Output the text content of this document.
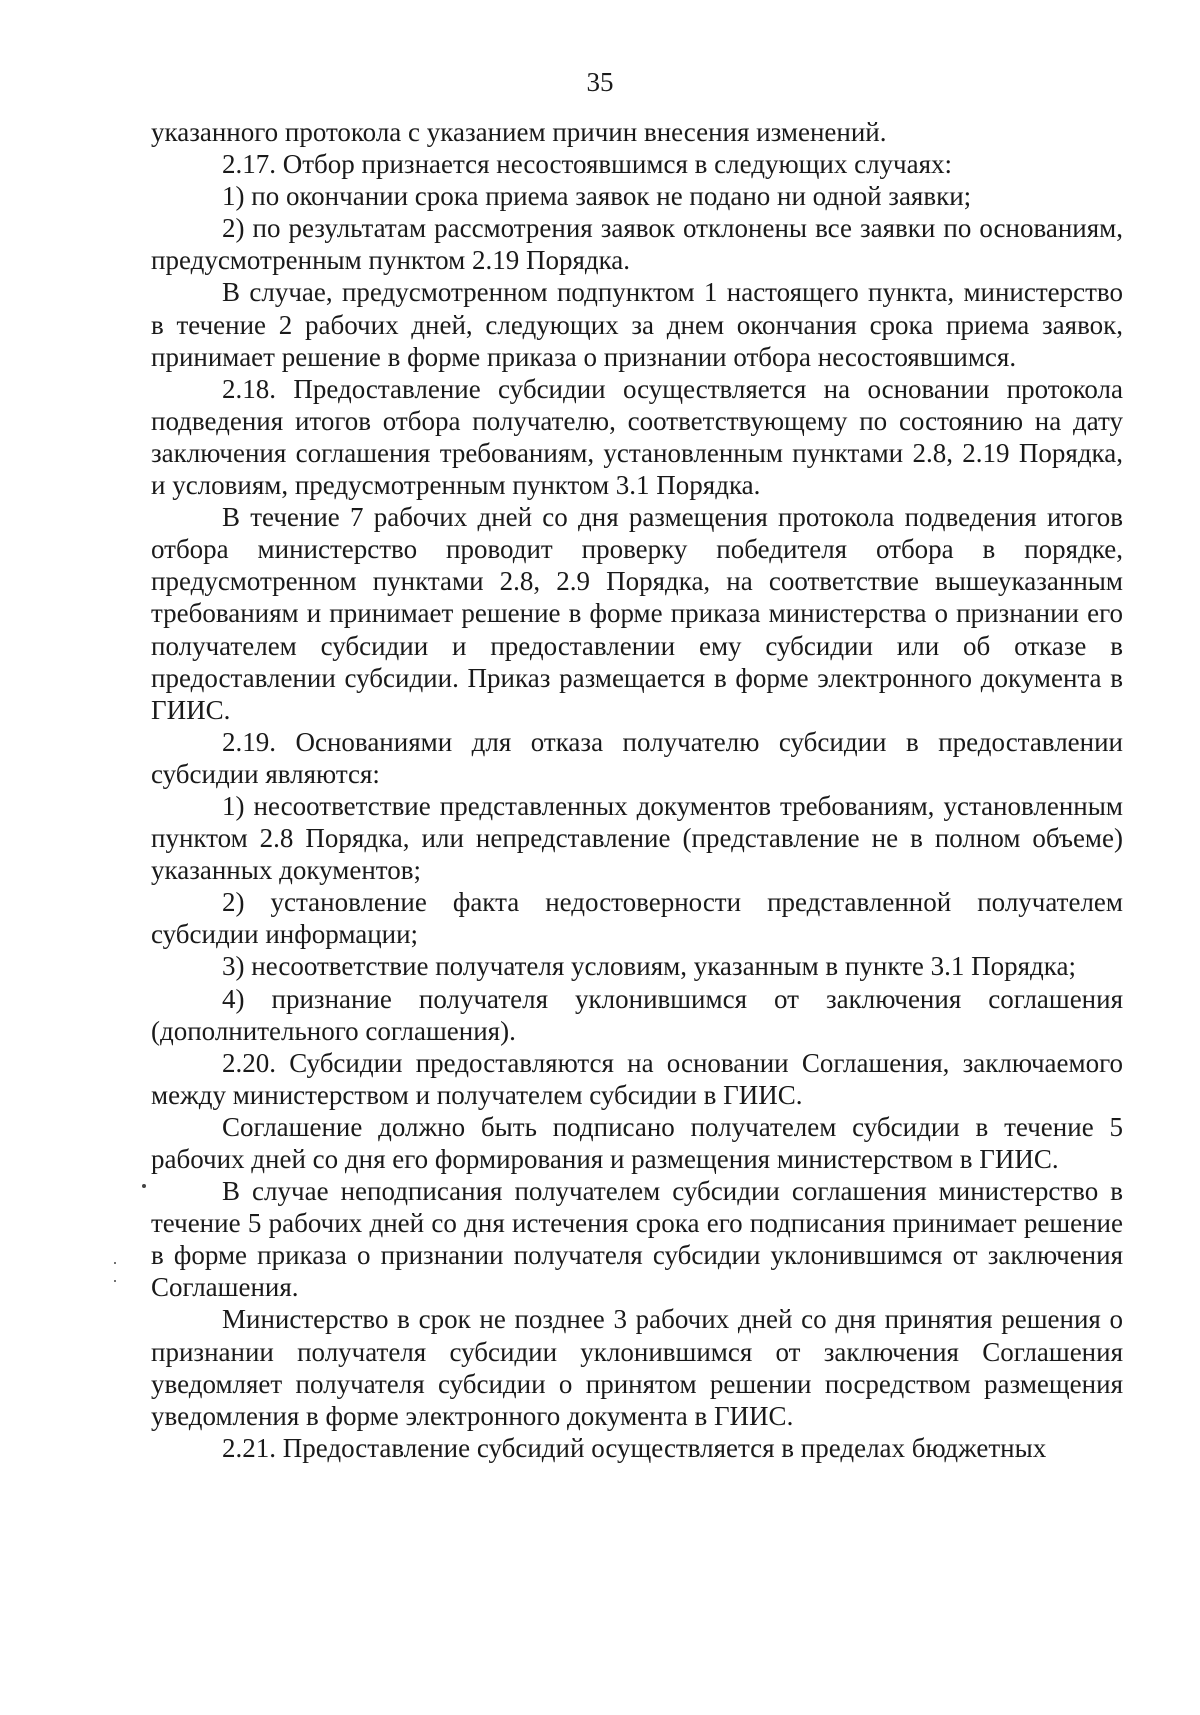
35

указанного протокола с указанием причин внесения изменений.

2.17. Отбор признается несостоявшимся в следующих случаях:

1) по окончании срока приема заявок не подано ни одной заявки;

2) по результатам рассмотрения заявок отклонены все заявки по основаниям, предусмотренным пунктом 2.19 Порядка.

В случае, предусмотренном подпунктом 1 настоящего пункта, министерство в течение 2 рабочих дней, следующих за днем окончания срока приема заявок, принимает решение в форме приказа о признании отбора несостоявшимся.

2.18. Предоставление субсидии осуществляется на основании протокола подведения итогов отбора получателю, соответствующему по состоянию на дату заключения соглашения требованиям, установленным пунктами 2.8, 2.19 Порядка, и условиям, предусмотренным пунктом 3.1 Порядка.

В течение 7 рабочих дней со дня размещения протокола подведения итогов отбора министерство проводит проверку победителя отбора в порядке, предусмотренном пунктами 2.8, 2.9 Порядка, на соответствие вышеуказанным требованиям и принимает решение в форме приказа министерства о признании его получателем субсидии и предоставлении ему субсидии или об отказе в предоставлении субсидии. Приказ размещается в форме электронного документа в ГИИС.

2.19. Основаниями для отказа получателю субсидии в предоставлении субсидии являются:

1) несоответствие представленных документов требованиям, установленным пунктом 2.8 Порядка, или непредставление (представление не в полном объеме) указанных документов;

2) установление факта недостоверности представленной получателем субсидии информации;

3) несоответствие получателя условиям, указанным в пункте 3.1 Порядка;

4) признание получателя уклонившимся от заключения соглашения (дополнительного соглашения).

2.20. Субсидии предоставляются на основании Соглашения, заключаемого между министерством и получателем субсидии в ГИИС.

Соглашение должно быть подписано получателем субсидии в течение 5 рабочих дней со дня его формирования и размещения министерством в ГИИС.

В случае неподписания получателем субсидии соглашения министерство в течение 5 рабочих дней со дня истечения срока его подписания принимает решение в форме приказа о признании получателя субсидии уклонившимся от заключения Соглашения.

Министерство в срок не позднее 3 рабочих дней со дня принятия решения о признании получателя субсидии уклонившимся от заключения Соглашения уведомляет получателя субсидии о принятом решении посредством размещения уведомления в форме электронного документа в ГИИС.

2.21. Предоставление субсидий осуществляется в пределах бюджетных
